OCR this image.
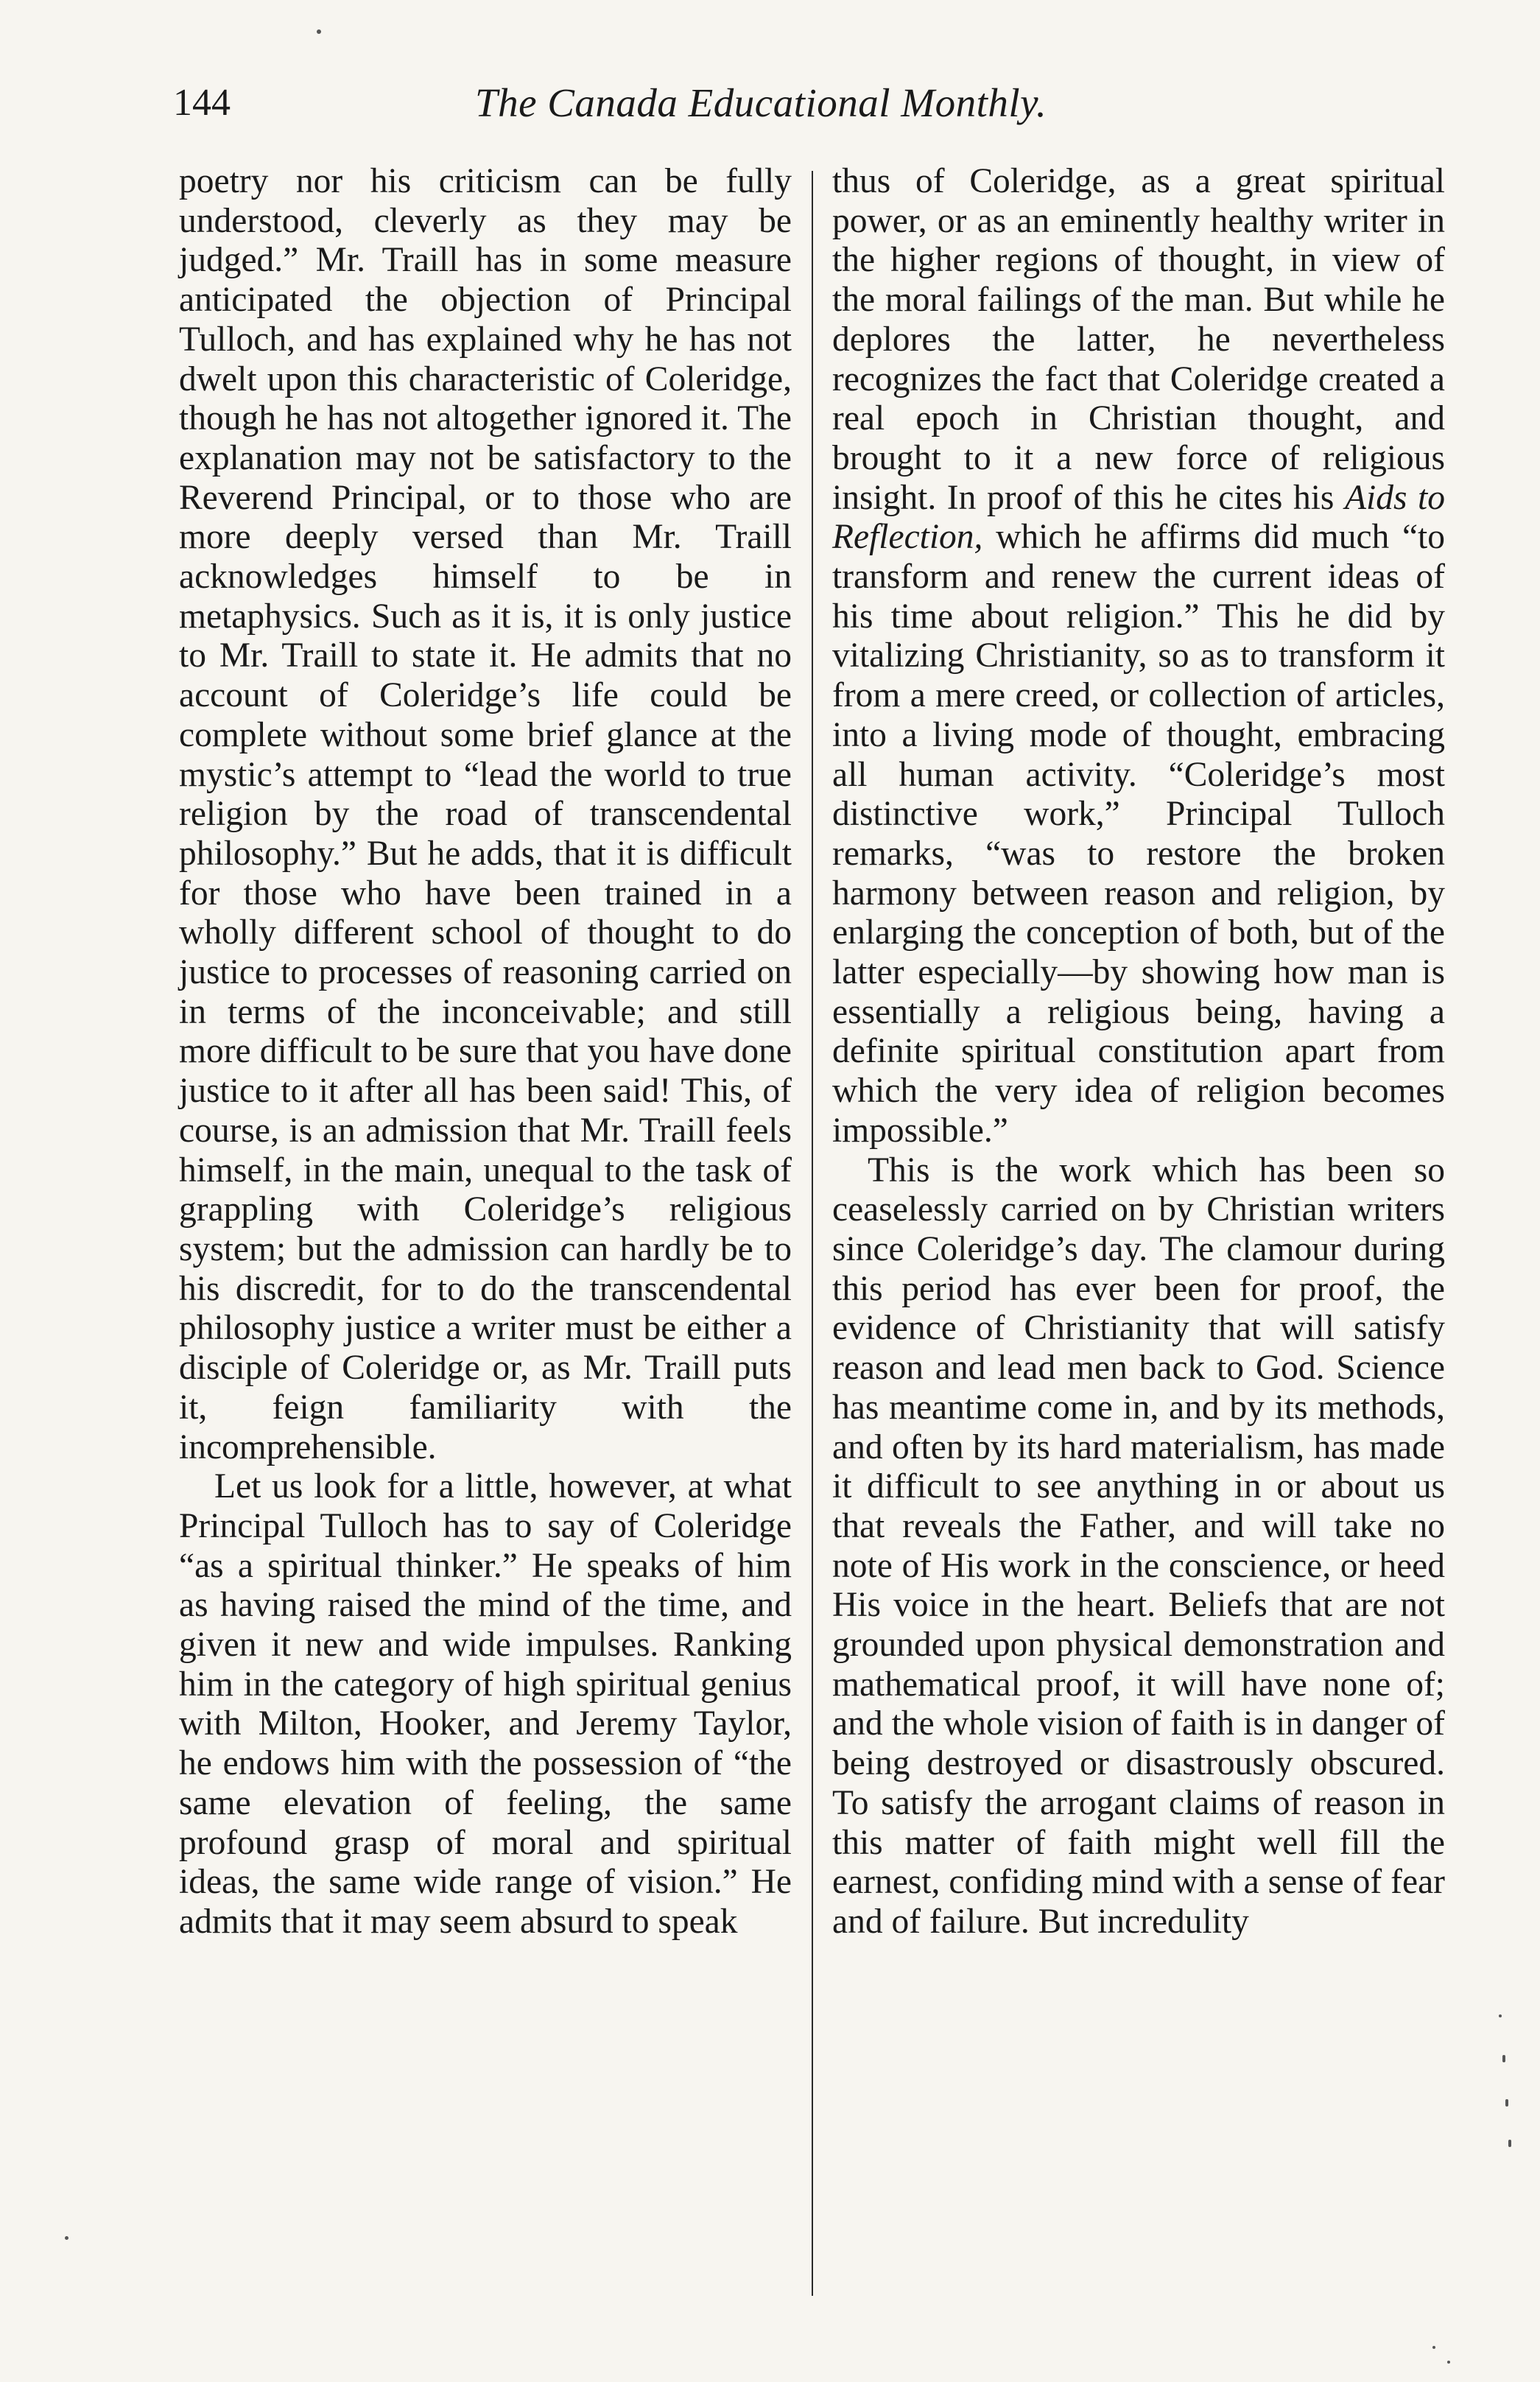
144	The Canada Educational Monthly.

poetry nor his criticism can be fully understood, cleverly as they may be judged.” Mr. Traill has in some measure anticipated the objection of Principal Tulloch, and has explained why he has not dwelt upon this characteristic of Coleridge, though he has not altogether ignored it. The explanation may not be satisfactory to the Reverend Principal, or to those who are more deeply versed than Mr. Traill acknowledges himself to be in metaphysics. Such as it is, it is only justice to Mr. Traill to state it. He admits that no account of Coleridge’s life could be complete without some brief glance at the mystic’s attempt to “lead the world to true religion by the road of transcendental philosophy.” But he adds, that it is difficult for those who have been trained in a wholly different school of thought to do justice to processes of reasoning carried on in terms of the inconceivable; and still more difficult to be sure that you have done justice to it after all has been said! This, of course, is an admission that Mr. Traill feels himself, in the main, unequal to the task of grappling with Coleridge’s religious system; but the admission can hardly be to his discredit, for to do the transcendental philosophy justice a writer must be either a disciple of Coleridge or, as Mr. Traill puts it, feign familiarity with the incomprehensible.

Let us look for a little, however, at what Principal Tulloch has to say of Coleridge “as a spiritual thinker.” He speaks of him as having raised the mind of the time, and given it new and wide impulses. Ranking him in the category of high spiritual genius with Milton, Hooker, and Jeremy Taylor, he endows him with the possession of “the same elevation of feeling, the same profound grasp of moral and spiritual ideas, the same wide range of vision.” He admits that it may seem absurd to speak

thus of Coleridge, as a great spiritual power, or as an eminently healthy writer in the higher regions of thought, in view of the moral failings of the man. But while he deplores the latter, he nevertheless recognizes the fact that Coleridge created a real epoch in Christian thought, and brought to it a new force of religious insight. In proof of this he cites his Aids to Reflection, which he affirms did much “to transform and renew the current ideas of his time about religion.” This he did by vitalizing Christianity, so as to transform it from a mere creed, or collection of articles, into a living mode of thought, embracing all human activity. “Coleridge’s most distinctive work,” Principal Tulloch remarks, “was to restore the broken harmony between reason and religion, by enlarging the conception of both, but of the latter especially—by showing how man is essentially a religious being, having a definite spiritual constitution apart from which the very idea of religion becomes impossible.”

This is the work which has been so ceaselessly carried on by Christian writers since Coleridge’s day. The clamour during this period has ever been for proof, the evidence of Christianity that will satisfy reason and lead men back to God. Science has meantime come in, and by its methods, and often by its hard materialism, has made it difficult to see anything in or about us that reveals the Father, and will take no note of His work in the conscience, or heed His voice in the heart. Beliefs that are not grounded upon physical demonstration and mathematical proof, it will have none of; and the whole vision of faith is in danger of being destroyed or disastrously obscured. To satisfy the arrogant claims of reason in this matter of faith might well fill the earnest, confiding mind with a sense of fear and of failure. But incredulity
